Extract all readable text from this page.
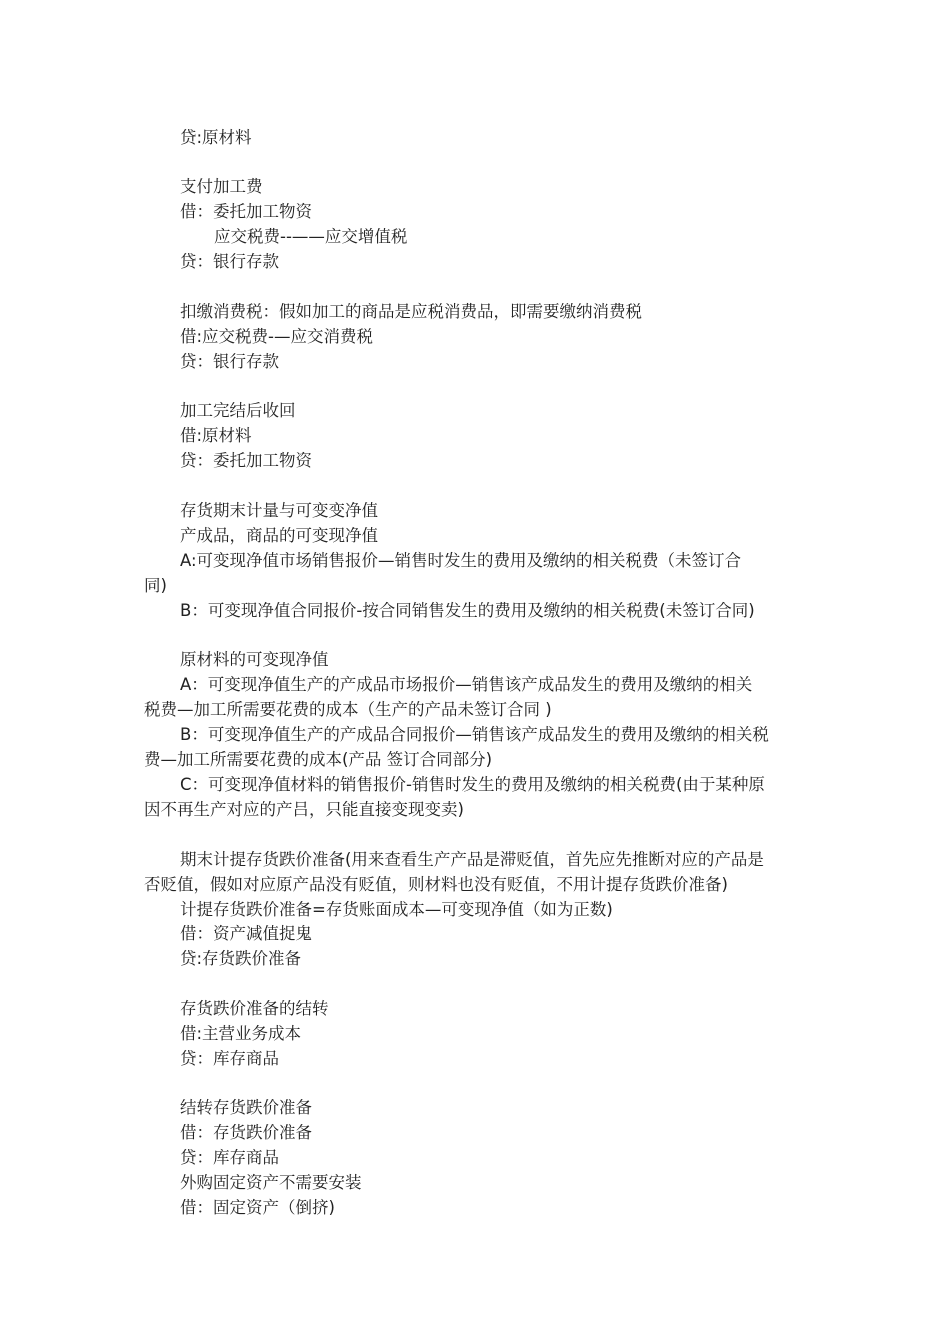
贷:原材料
支付加工费
借：委托加工物资
应交税费--——应交增值税
贷：银行存款
扣缴消费税：假如加工的商品是应税消费品，即需要缴纳消费税
借:应交税费-—应交消费税
贷：银行存款
加工完结后收回
借:原材料
贷：委托加工物资
存货期末计量与可变变净值
产成品，商品的可变现净值
A:可变现净值市场销售报价—销售时发生的费用及缴纳的相关税费（未签订合
同)
B：可变现净值合同报价-按合同销售发生的费用及缴纳的相关税费(未签订合同)
原材料的可变现净值
A：可变现净值生产的产成品市场报价—销售该产成品发生的费用及缴纳的相关
税费—加工所需要花费的成本（生产的产品未签订合同 )
B：可变现净值生产的产成品合同报价—销售该产成品发生的费用及缴纳的相关税
费—加工所需要花费的成本(产品 签订合同部分)
C：可变现净值材料的销售报价-销售时发生的费用及缴纳的相关税费(由于某种原
因不再生产对应的产吕，只能直接变现变卖)
期末计提存货跌价准备(用来查看生产产品是滞贬值，首先应先推断对应的产品是
否贬值，假如对应原产品没有贬值，则材料也没有贬值，不用计提存货跌价准备)
计提存货跌价准备=存货账面成本—可变现净值（如为正数)
借：资产减值捉鬼
贷:存货跌价准备
存货跌价准备的结转
借:主营业务成本
贷：库存商品
结转存货跌价准备
借：存货跌价准备
贷：库存商品
外购固定资产不需要安装
借：固定资产（倒挤)
